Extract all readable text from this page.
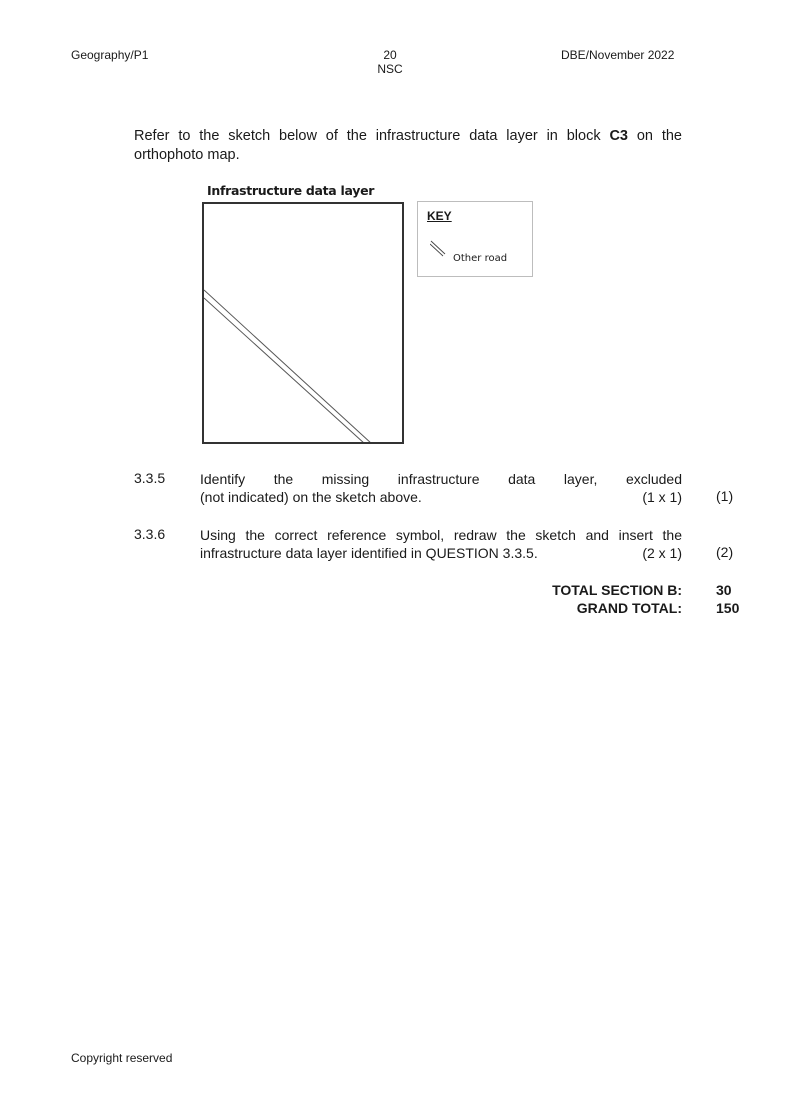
Geography/P1	20
NSC
DBE/November 2022
Refer to the sketch below of the infrastructure data layer in block C3 on the orthophoto map.
Infrastructure data layer
KEY
Other road
3.3.5 Identify the missing infrastructure data layer, excluded
(not indicated) on the sketch above.	(1 x 1) (1)
3.3.6 Using the correct reference symbol, redraw the sketch and insert the
infrastructure data layer identified in QUESTION 3.3.5.	(2 x 1) (2)
TOTAL SECTION B: 30
GRAND TOTAL: 150
Copyright reserved
